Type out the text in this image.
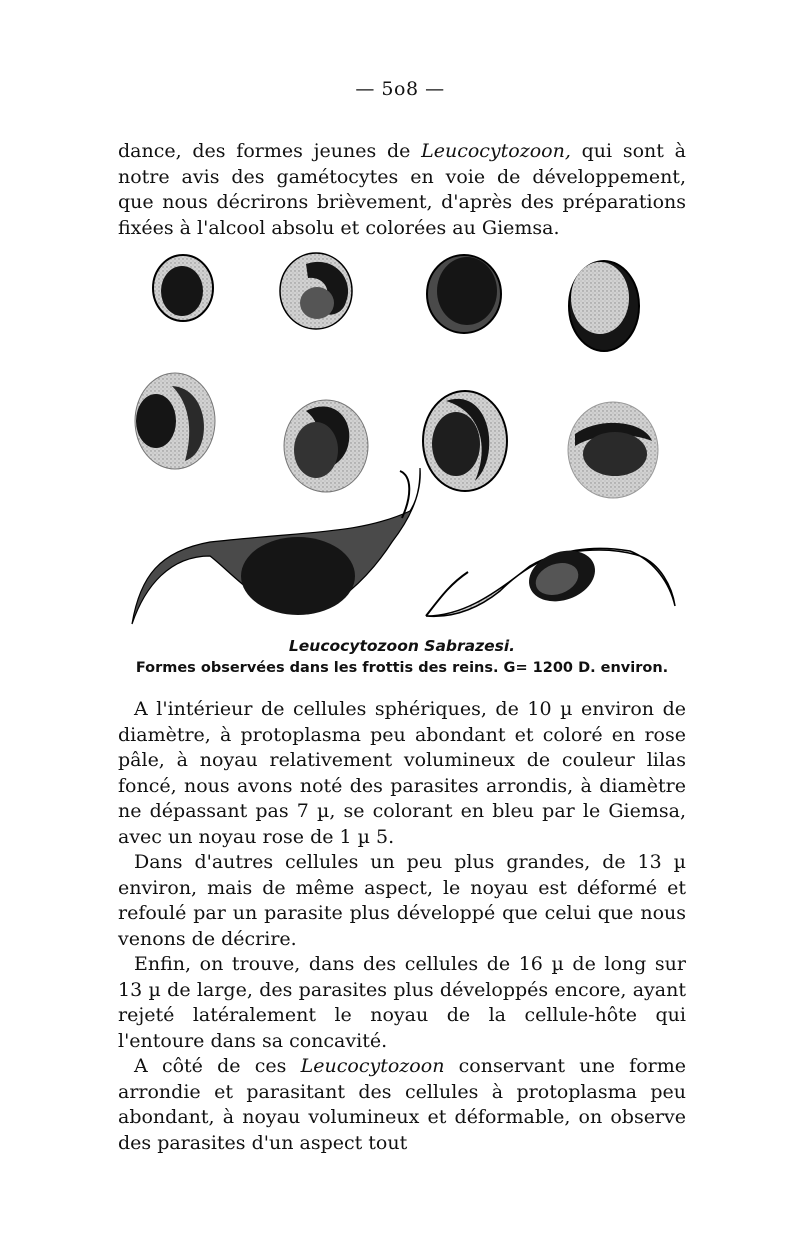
— 5o8 —

dance, des formes jeunes de Leucocytozoon, qui sont à notre avis des gamétocytes en voie de développement, que nous décrirons brièvement, d'après des préparations fixées à l'alcool absolu et colorées au Giemsa.

Leucocytozoon Sabrazesi.
Formes observées dans les frottis des reins. G= 1200 D. environ.

A l'intérieur de cellules sphériques, de 10 µ environ de diamètre, à protoplasma peu abondant et coloré en rose pâle, à noyau relativement volumineux de couleur lilas foncé, nous avons noté des parasites arrondis, à diamètre ne dépassant pas 7 µ, se colorant en bleu par le Giemsa, avec un noyau rose de 1 µ 5.

Dans d'autres cellules un peu plus grandes, de 13 µ environ, mais de même aspect, le noyau est déformé et refoulé par un parasite plus développé que celui que nous venons de décrire.

Enfin, on trouve, dans des cellules de 16 µ de long sur 13 µ de large, des parasites plus développés encore, ayant rejeté latéralement le noyau de la cellule-hôte qui l'entoure dans sa concavité.

A côté de ces Leucocytozoon conservant une forme arrondie et parasitant des cellules à protoplasma peu abondant, à noyau volumineux et déformable, on observe des parasites d'un aspect tout
